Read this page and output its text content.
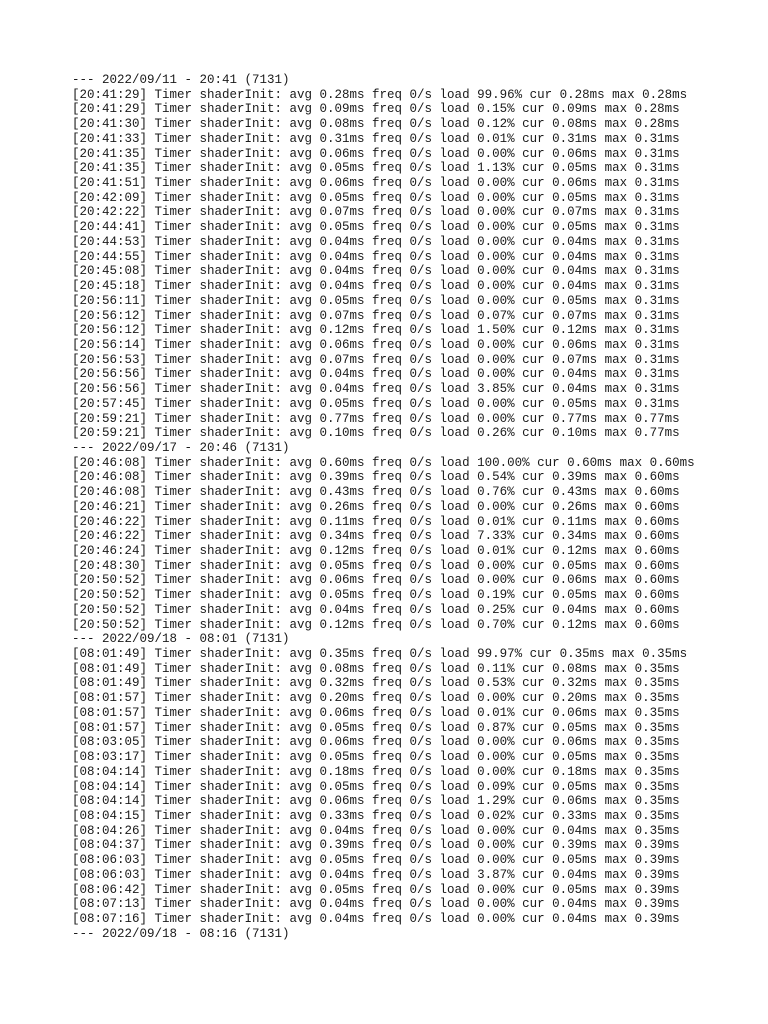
--- 2022/09/11 - 20:41 (7131)
[20:41:29] Timer shaderInit: avg 0.28ms freq 0/s load 99.96% cur 0.28ms max 0.28ms
[20:41:29] Timer shaderInit: avg 0.09ms freq 0/s load 0.15% cur 0.09ms max 0.28ms
[20:41:30] Timer shaderInit: avg 0.08ms freq 0/s load 0.12% cur 0.08ms max 0.28ms
[20:41:33] Timer shaderInit: avg 0.31ms freq 0/s load 0.01% cur 0.31ms max 0.31ms
[20:41:35] Timer shaderInit: avg 0.06ms freq 0/s load 0.00% cur 0.06ms max 0.31ms
[20:41:35] Timer shaderInit: avg 0.05ms freq 0/s load 1.13% cur 0.05ms max 0.31ms
[20:41:51] Timer shaderInit: avg 0.06ms freq 0/s load 0.00% cur 0.06ms max 0.31ms
[20:42:09] Timer shaderInit: avg 0.05ms freq 0/s load 0.00% cur 0.05ms max 0.31ms
[20:42:22] Timer shaderInit: avg 0.07ms freq 0/s load 0.00% cur 0.07ms max 0.31ms
[20:44:41] Timer shaderInit: avg 0.05ms freq 0/s load 0.00% cur 0.05ms max 0.31ms
[20:44:53] Timer shaderInit: avg 0.04ms freq 0/s load 0.00% cur 0.04ms max 0.31ms
[20:44:55] Timer shaderInit: avg 0.04ms freq 0/s load 0.00% cur 0.04ms max 0.31ms
[20:45:08] Timer shaderInit: avg 0.04ms freq 0/s load 0.00% cur 0.04ms max 0.31ms
[20:45:18] Timer shaderInit: avg 0.04ms freq 0/s load 0.00% cur 0.04ms max 0.31ms
[20:56:11] Timer shaderInit: avg 0.05ms freq 0/s load 0.00% cur 0.05ms max 0.31ms
[20:56:12] Timer shaderInit: avg 0.07ms freq 0/s load 0.07% cur 0.07ms max 0.31ms
[20:56:12] Timer shaderInit: avg 0.12ms freq 0/s load 1.50% cur 0.12ms max 0.31ms
[20:56:14] Timer shaderInit: avg 0.06ms freq 0/s load 0.00% cur 0.06ms max 0.31ms
[20:56:53] Timer shaderInit: avg 0.07ms freq 0/s load 0.00% cur 0.07ms max 0.31ms
[20:56:56] Timer shaderInit: avg 0.04ms freq 0/s load 0.00% cur 0.04ms max 0.31ms
[20:56:56] Timer shaderInit: avg 0.04ms freq 0/s load 3.85% cur 0.04ms max 0.31ms
[20:57:45] Timer shaderInit: avg 0.05ms freq 0/s load 0.00% cur 0.05ms max 0.31ms
[20:59:21] Timer shaderInit: avg 0.77ms freq 0/s load 0.00% cur 0.77ms max 0.77ms
[20:59:21] Timer shaderInit: avg 0.10ms freq 0/s load 0.26% cur 0.10ms max 0.77ms
--- 2022/09/17 - 20:46 (7131)
[20:46:08] Timer shaderInit: avg 0.60ms freq 0/s load 100.00% cur 0.60ms max 0.60ms
[20:46:08] Timer shaderInit: avg 0.39ms freq 0/s load 0.54% cur 0.39ms max 0.60ms
[20:46:08] Timer shaderInit: avg 0.43ms freq 0/s load 0.76% cur 0.43ms max 0.60ms
[20:46:21] Timer shaderInit: avg 0.26ms freq 0/s load 0.00% cur 0.26ms max 0.60ms
[20:46:22] Timer shaderInit: avg 0.11ms freq 0/s load 0.01% cur 0.11ms max 0.60ms
[20:46:22] Timer shaderInit: avg 0.34ms freq 0/s load 7.33% cur 0.34ms max 0.60ms
[20:46:24] Timer shaderInit: avg 0.12ms freq 0/s load 0.01% cur 0.12ms max 0.60ms
[20:48:30] Timer shaderInit: avg 0.05ms freq 0/s load 0.00% cur 0.05ms max 0.60ms
[20:50:52] Timer shaderInit: avg 0.06ms freq 0/s load 0.00% cur 0.06ms max 0.60ms
[20:50:52] Timer shaderInit: avg 0.05ms freq 0/s load 0.19% cur 0.05ms max 0.60ms
[20:50:52] Timer shaderInit: avg 0.04ms freq 0/s load 0.25% cur 0.04ms max 0.60ms
[20:50:52] Timer shaderInit: avg 0.12ms freq 0/s load 0.70% cur 0.12ms max 0.60ms
--- 2022/09/18 - 08:01 (7131)
[08:01:49] Timer shaderInit: avg 0.35ms freq 0/s load 99.97% cur 0.35ms max 0.35ms
[08:01:49] Timer shaderInit: avg 0.08ms freq 0/s load 0.11% cur 0.08ms max 0.35ms
[08:01:49] Timer shaderInit: avg 0.32ms freq 0/s load 0.53% cur 0.32ms max 0.35ms
[08:01:57] Timer shaderInit: avg 0.20ms freq 0/s load 0.00% cur 0.20ms max 0.35ms
[08:01:57] Timer shaderInit: avg 0.06ms freq 0/s load 0.01% cur 0.06ms max 0.35ms
[08:01:57] Timer shaderInit: avg 0.05ms freq 0/s load 0.87% cur 0.05ms max 0.35ms
[08:03:05] Timer shaderInit: avg 0.06ms freq 0/s load 0.00% cur 0.06ms max 0.35ms
[08:03:17] Timer shaderInit: avg 0.05ms freq 0/s load 0.00% cur 0.05ms max 0.35ms
[08:04:14] Timer shaderInit: avg 0.18ms freq 0/s load 0.00% cur 0.18ms max 0.35ms
[08:04:14] Timer shaderInit: avg 0.05ms freq 0/s load 0.09% cur 0.05ms max 0.35ms
[08:04:14] Timer shaderInit: avg 0.06ms freq 0/s load 1.29% cur 0.06ms max 0.35ms
[08:04:15] Timer shaderInit: avg 0.33ms freq 0/s load 0.02% cur 0.33ms max 0.35ms
[08:04:26] Timer shaderInit: avg 0.04ms freq 0/s load 0.00% cur 0.04ms max 0.35ms
[08:04:37] Timer shaderInit: avg 0.39ms freq 0/s load 0.00% cur 0.39ms max 0.39ms
[08:06:03] Timer shaderInit: avg 0.05ms freq 0/s load 0.00% cur 0.05ms max 0.39ms
[08:06:03] Timer shaderInit: avg 0.04ms freq 0/s load 3.87% cur 0.04ms max 0.39ms
[08:06:42] Timer shaderInit: avg 0.05ms freq 0/s load 0.00% cur 0.05ms max 0.39ms
[08:07:13] Timer shaderInit: avg 0.04ms freq 0/s load 0.00% cur 0.04ms max 0.39ms
[08:07:16] Timer shaderInit: avg 0.04ms freq 0/s load 0.00% cur 0.04ms max 0.39ms
--- 2022/09/18 - 08:16 (7131)
